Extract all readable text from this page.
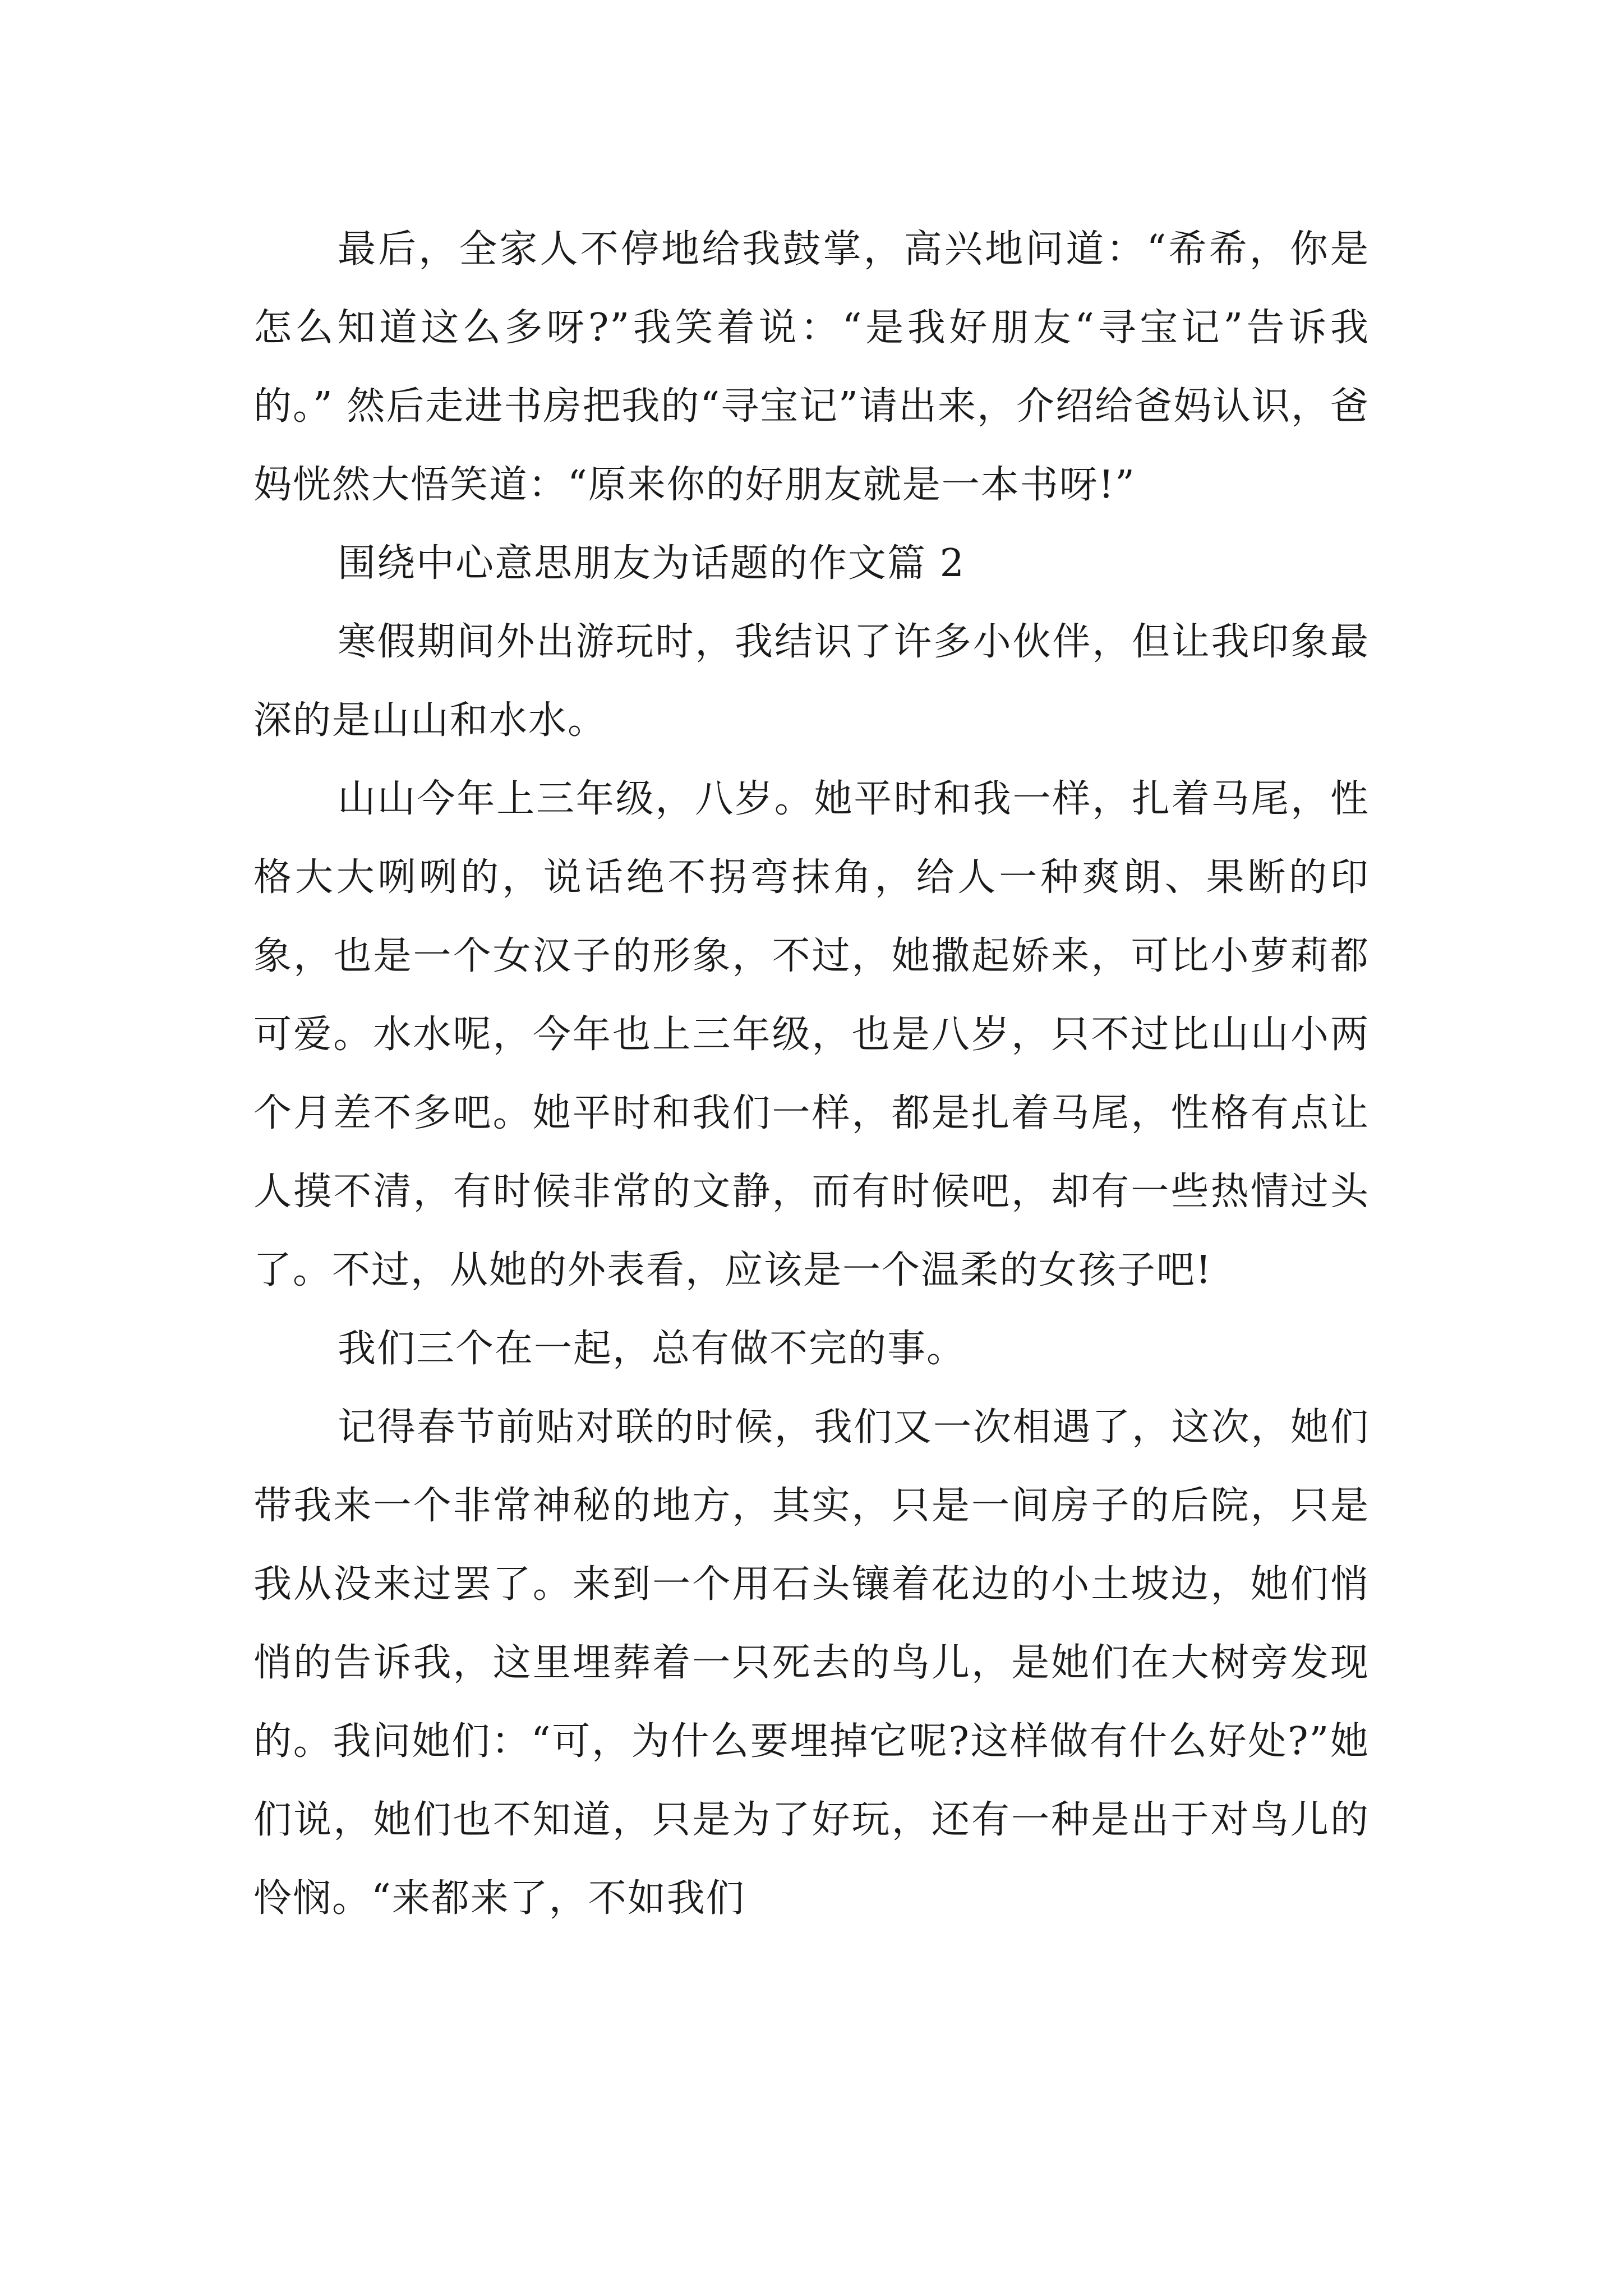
最后，全家人不停地给我鼓掌，高兴地问道：“希希，你是怎么知道这么多呀?”我笑着说：“是我好朋友“寻宝记”告诉我的。” 然后走进书房把我的“寻宝记”请出来，介绍给爸妈认识，爸妈恍然大悟笑道：“原来你的好朋友就是一本书呀!”

围绕中心意思朋友为话题的作文篇 2

寒假期间外出游玩时，我结识了许多小伙伴，但让我印象最深的是山山和水水。

山山今年上三年级，八岁。她平时和我一样，扎着马尾，性格大大咧咧的，说话绝不拐弯抹角，给人一种爽朗、果断的印象，也是一个女汉子的形象，不过，她撒起娇来，可比小萝莉都可爱。水水呢，今年也上三年级，也是八岁，只不过比山山小两个月差不多吧。她平时和我们一样，都是扎着马尾，性格有点让人摸不清，有时候非常的文静，而有时候吧，却有一些热情过头了。不过，从她的外表看，应该是一个温柔的女孩子吧!

我们三个在一起，总有做不完的事。

记得春节前贴对联的时候，我们又一次相遇了，这次，她们带我来一个非常神秘的地方，其实，只是一间房子的后院，只是我从没来过罢了。来到一个用石头镶着花边的小土坡边，她们悄悄的告诉我，这里埋葬着一只死去的鸟儿，是她们在大树旁发现的。我问她们：“可，为什么要埋掉它呢?这样做有什么好处?”她们说，她们也不知道，只是为了好玩，还有一种是出于对鸟儿的怜悯。“来都来了，不如我们
